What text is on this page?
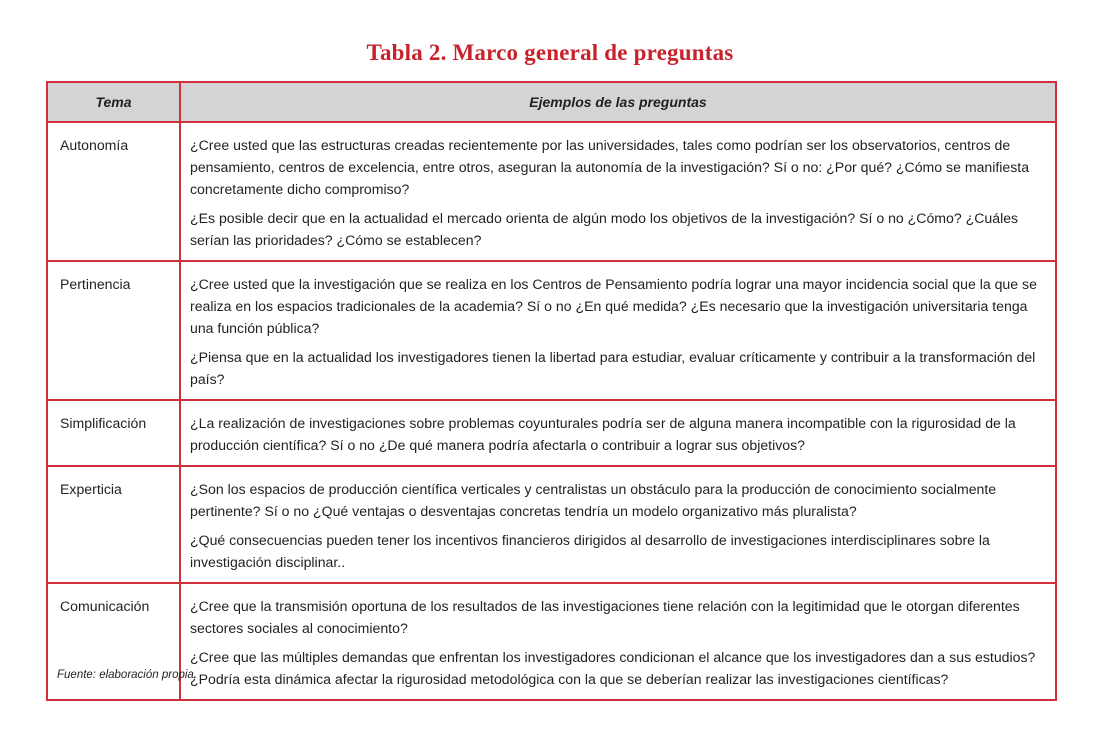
Tabla 2. Marco general de preguntas
Tema	Ejemplos de las preguntas
Autonomía	¿Cree usted que las estructuras creadas recientemente por las universidades, tales como podrían ser los observatorios, centros de pensamiento, centros de excelencia, entre otros, aseguran la autonomía de la investigación? Sí o no: ¿Por qué? ¿Cómo se manifiesta concretamente dicho compromiso?

¿Es posible decir que en la actualidad el mercado orienta de algún modo los objetivos de la investigación? Sí o no ¿Cómo? ¿Cuáles serían las prioridades? ¿Cómo se establecen?

Pertinencia	¿Cree usted que la investigación que se realiza en los Centros de Pensamiento podría lograr una mayor incidencia social que la que se realiza en los espacios tradicionales de la academia? Sí o no ¿En qué medida? ¿Es necesario que la investigación universitaria tenga una función pública?

¿Piensa que en la actualidad los investigadores tienen la libertad para estudiar, evaluar críticamente y contribuir a la transformación del país?

Simplificación	¿La realización de investigaciones sobre problemas coyunturales podría ser de alguna manera incompatible con la rigurosidad de la producción científica? Sí o no ¿De qué manera podría afectarla o contribuir a lograr sus objetivos?

Experticia	¿Son los espacios de producción científica verticales y centralistas un obstáculo para la producción de conocimiento socialmente pertinente? Sí o no ¿Qué ventajas o desventajas concretas tendría un modelo organizativo más pluralista?

¿Qué consecuencias pueden tener los incentivos financieros dirigidos al desarrollo de investigaciones interdisciplinares sobre la investigación disciplinar..

Comunicación	¿Cree que la transmisión oportuna de los resultados de las investigaciones tiene relación con la legitimidad que le otorgan diferentes sectores sociales al conocimiento?

¿Cree que las múltiples demandas que enfrentan los investigadores condicionan el alcance que los investigadores dan a sus estudios? ¿Podría esta dinámica afectar la rigurosidad metodológica con la que se deberían realizar las investigaciones científicas?

Fuente: elaboración propia.
